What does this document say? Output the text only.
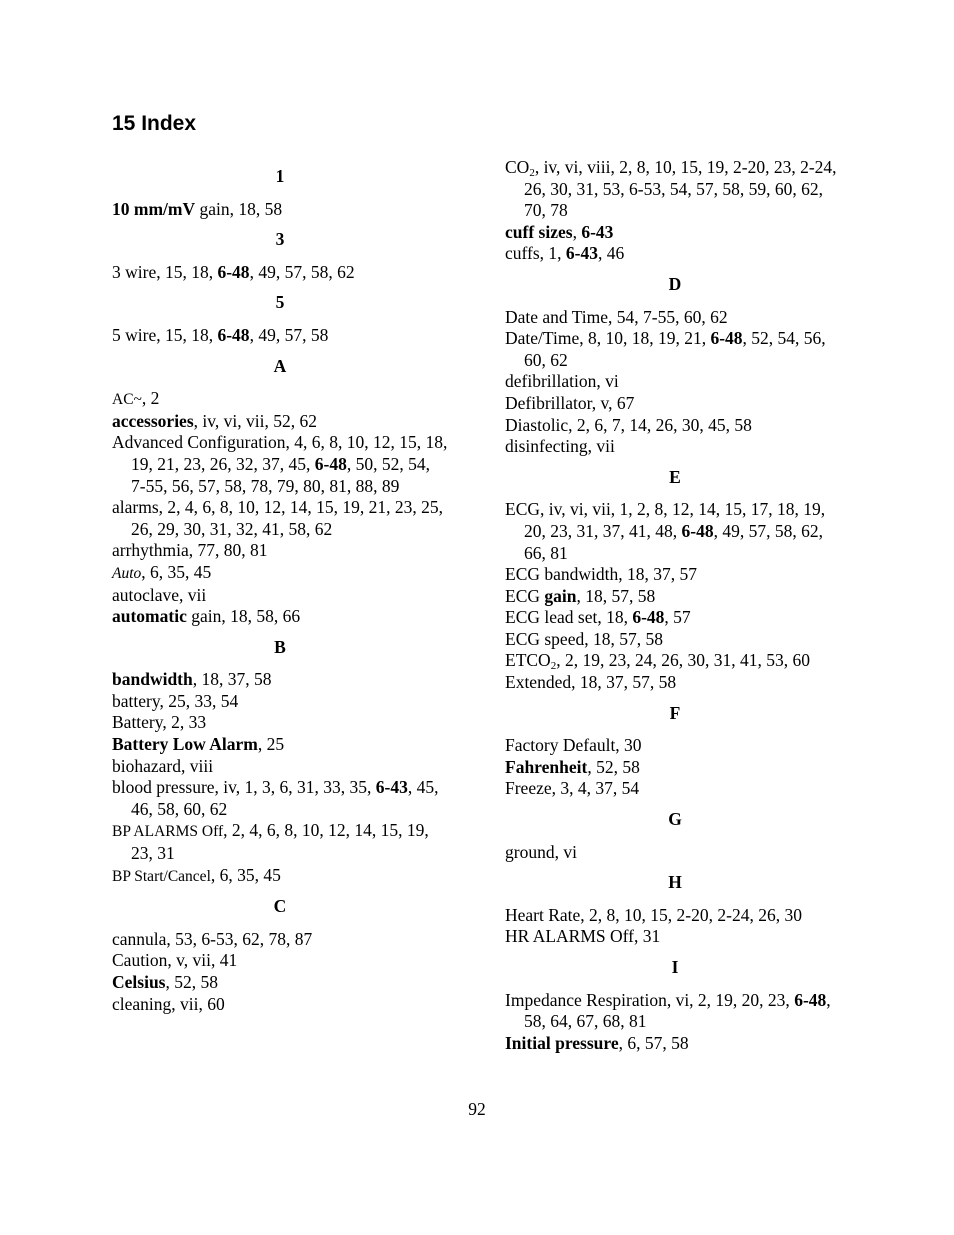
15 Index
1

10 mm/mV gain, 18, 58

3

3 wire, 15, 18, 6-48, 49, 57, 58, 62

5

5 wire, 15, 18, 6-48, 49, 57, 58

A

AC~, 2

accessories, iv, vi, vii, 52, 62

Advanced Configuration, 4, 6, 8, 10, 12, 15, 18, 19, 21, 23, 26, 32, 37, 45, 6-48, 50, 52, 54, 7-55, 56, 57, 58, 78, 79, 80, 81, 88, 89

alarms, 2, 4, 6, 8, 10, 12, 14, 15, 19, 21, 23, 25, 26, 29, 30, 31, 32, 41, 58, 62

arrhythmia, 77, 80, 81

Auto, 6, 35, 45

autoclave, vii

automatic gain, 18, 58, 66

B

bandwidth, 18, 37, 58

battery, 25, 33, 54

Battery, 2, 33

Battery Low Alarm, 25

biohazard, viii

blood pressure, iv, 1, 3, 6, 31, 33, 35, 6-43, 45, 46, 58, 60, 62

BP ALARMS Off, 2, 4, 6, 8, 10, 12, 14, 15, 19, 23, 31

BP Start/Cancel, 6, 35, 45

C

cannula, 53, 6-53, 62, 78, 87

Caution, v, vii, 41

Celsius, 52, 58

cleaning, vii, 60

$CO_2$, iv, vi, viii, 2, 8, 10, 15, 19, 2-20, 23, 2-24, 26, 30, 31, 53, 6-53, 54, 57, 58, 59, 60, 62, 70, 78

cuff sizes, 6-43

cuffs, 1, 6-43, 46

D

Date and Time, 54, 7-55, 60, 62

Date/Time, 8, 10, 18, 19, 21, 6-48, 52, 54, 56, 60, 62

defibrillation, vi

Defibrillator, v, 67

Diastolic, 2, 6, 7, 14, 26, 30, 45, 58

disinfecting, vii

E

ECG, iv, vi, vii, 1, 2, 8, 12, 14, 15, 17, 18, 19, 20, 23, 31, 37, 41, 48, 6-48, 49, 57, 58, 62, 66, 81

ECG bandwidth, 18, 37, 57

ECG gain, 18, 57, 58

ECG lead set, 18, 6-48, 57

ECG speed, 18, 57, 58

$ETCO_2$, 2, 19, 23, 24, 26, 30, 31, 41, 53, 60

Extended, 18, 37, 57, 58

F

Factory Default, 30

Fahrenheit, 52, 58

Freeze, 3, 4, 37, 54

G

ground, vi

H

Heart Rate, 2, 8, 10, 15, 2-20, 2-24, 26, 30

HR ALARMS Off, 31

I

Impedance Respiration, vi, 2, 19, 20, 23, 6-48, 58, 64, 67, 68, 81

Initial pressure, 6, 57, 58

92
